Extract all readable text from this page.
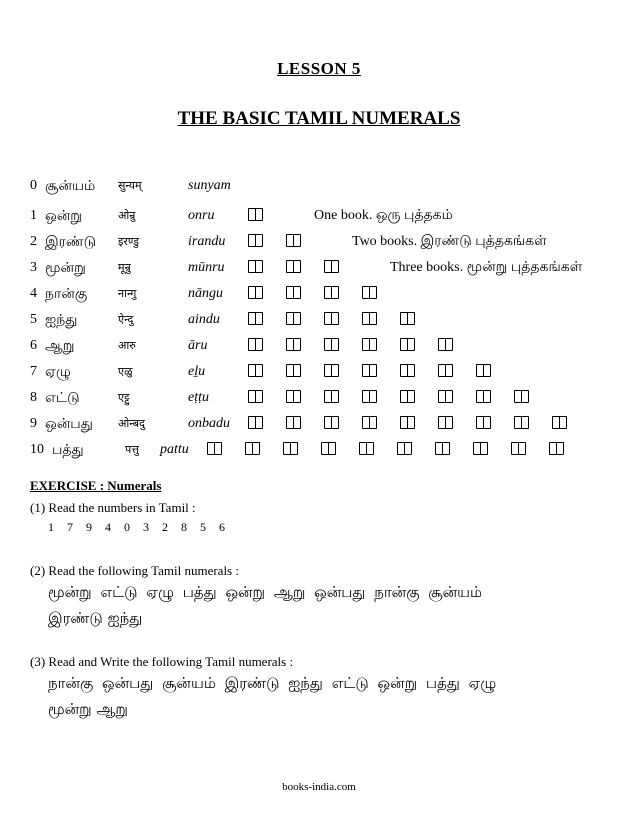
LESSON 5
THE BASIC TAMIL NUMERALS
0 சூன்யம் सुन्यम्	sunyam
1 ஒன்று	ओन्रु	onru	One book. ஒரு புத்தகம்
2 இரண்டு इरण्डु	irandu	Two books. இரண்டு புத்தகங்கள்
3 மூன்று	मून्रु	mūnru	Three books. மூன்று புத்தகங்கள்
4 நான்கு	नान्गु	nāngu
5 ஐந்து	ऐन्दु	aindu
6 ஆறு	आरु	āru
7 ஏழு	एळु	eḻu
8 எட்டு	एट्टु	eṭṭu
9 ஒன்பது ओन्बदु	onbadu
10 பத்து	पत्तु pattu
EXERCISE : Numerals
(1) Read the numbers in Tamil :
1 7 9 4 0 3 2 8 5 6
(2) Read the following Tamil numerals :
மூன்று எட்டு ஏழு பத்து ஒன்று ஆறு ஒன்பது நான்கு சூன்யம்
இரண்டு ஐந்து
(3) Read and Write the following Tamil numerals :
நான்கு ஒன்பது சூன்யம் இரண்டு ஐந்து எட்டு ஒன்று பத்து ஏழு
மூன்று ஆறு
books-india.com
